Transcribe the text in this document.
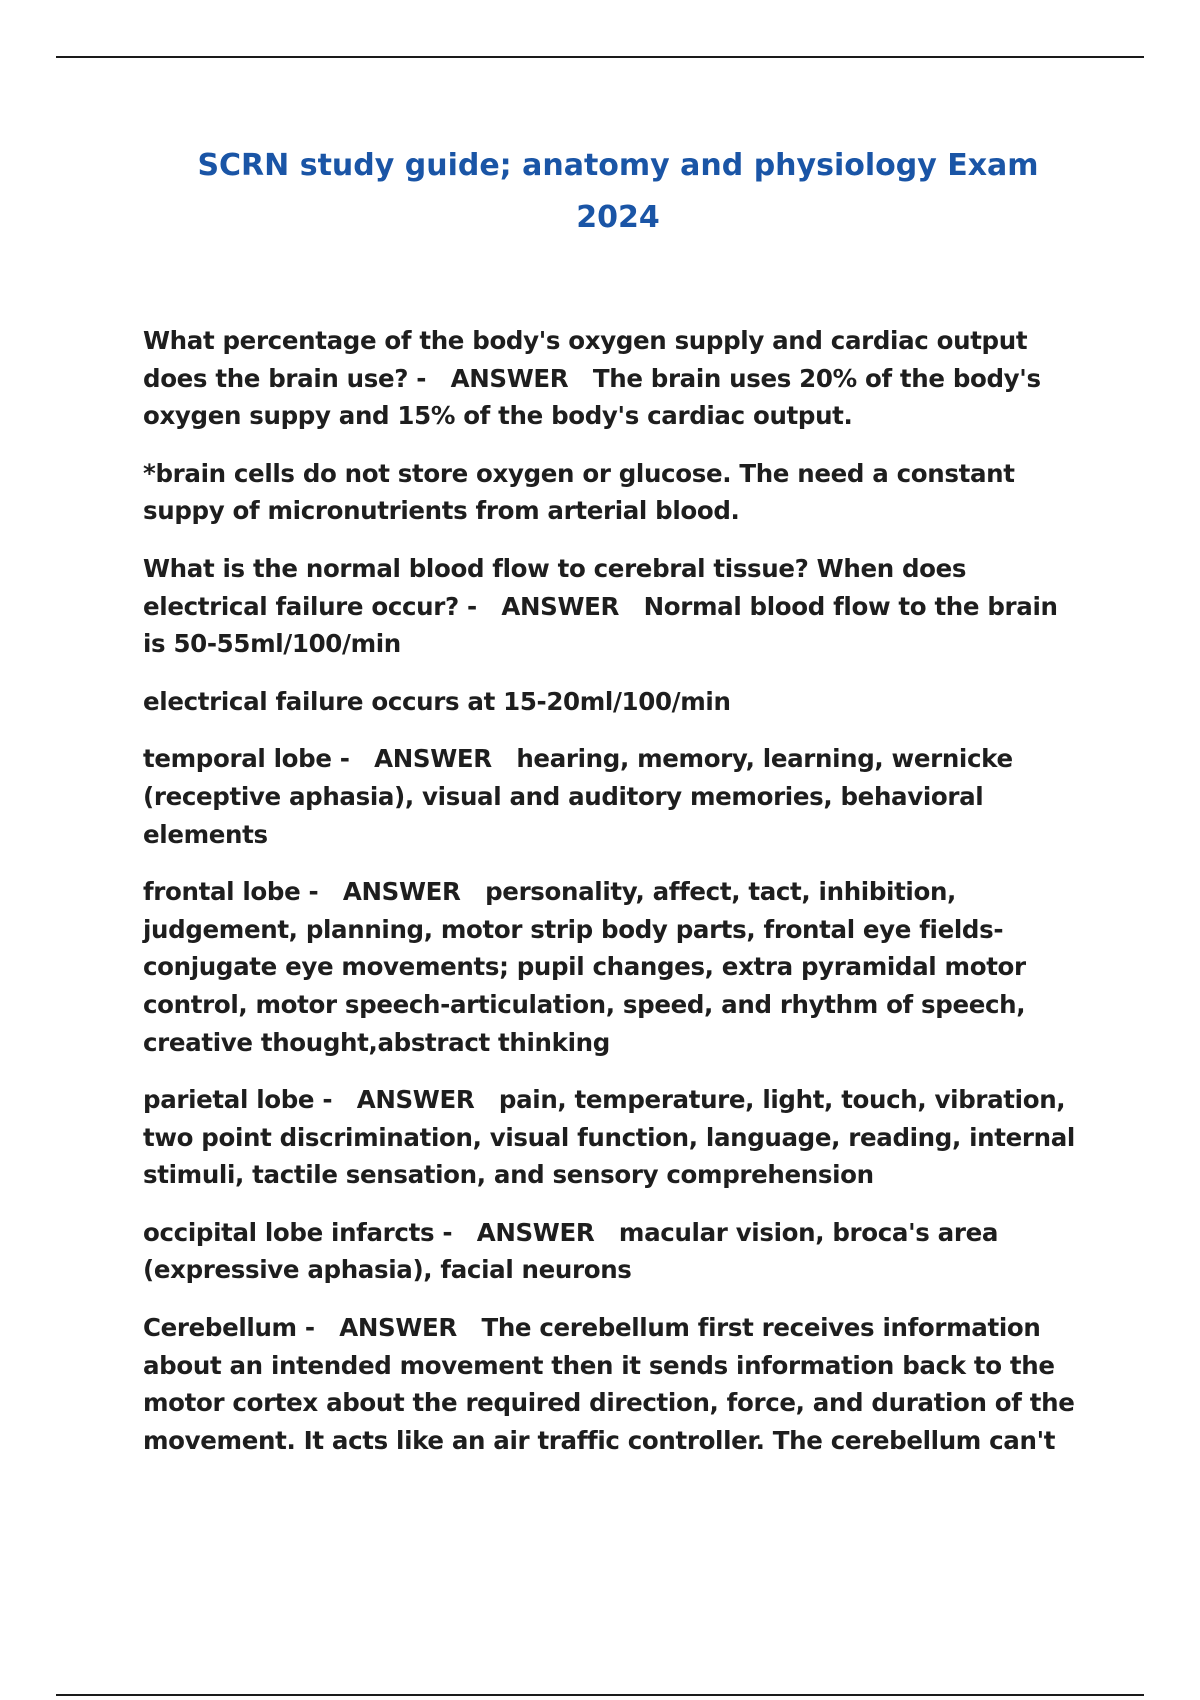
SCRN study guide; anatomy and physiology Exam
2024

What percentage of the body's oxygen supply and cardiac output does the brain use? - ANSWER The brain uses 20% of the body's oxygen suppy and 15% of the body's cardiac output.

*brain cells do not store oxygen or glucose. The need a constant suppy of micronutrients from arterial blood.

What is the normal blood flow to cerebral tissue? When does electrical failure occur? - ANSWER Normal blood flow to the brain is 50-55ml/100/min

electrical failure occurs at 15-20ml/100/min

temporal lobe - ANSWER hearing, memory, learning, wernicke (receptive aphasia), visual and auditory memories, behavioral elements

frontal lobe - ANSWER personality, affect, tact, inhibition, judgement, planning, motor strip body parts, frontal eye fields- conjugate eye movements; pupil changes, extra pyramidal motor control, motor speech-articulation, speed, and rhythm of speech, creative thought,abstract thinking

parietal lobe - ANSWER pain, temperature, light, touch, vibration, two point discrimination, visual function, language, reading, internal stimuli, tactile sensation, and sensory comprehension

occipital lobe infarcts - ANSWER macular vision, broca's area (expressive aphasia), facial neurons

Cerebellum - ANSWER The cerebellum first receives information about an intended movement then it sends information back to the motor cortex about the required direction, force, and duration of the movement. It acts like an air traffic controller. The cerebellum can't
